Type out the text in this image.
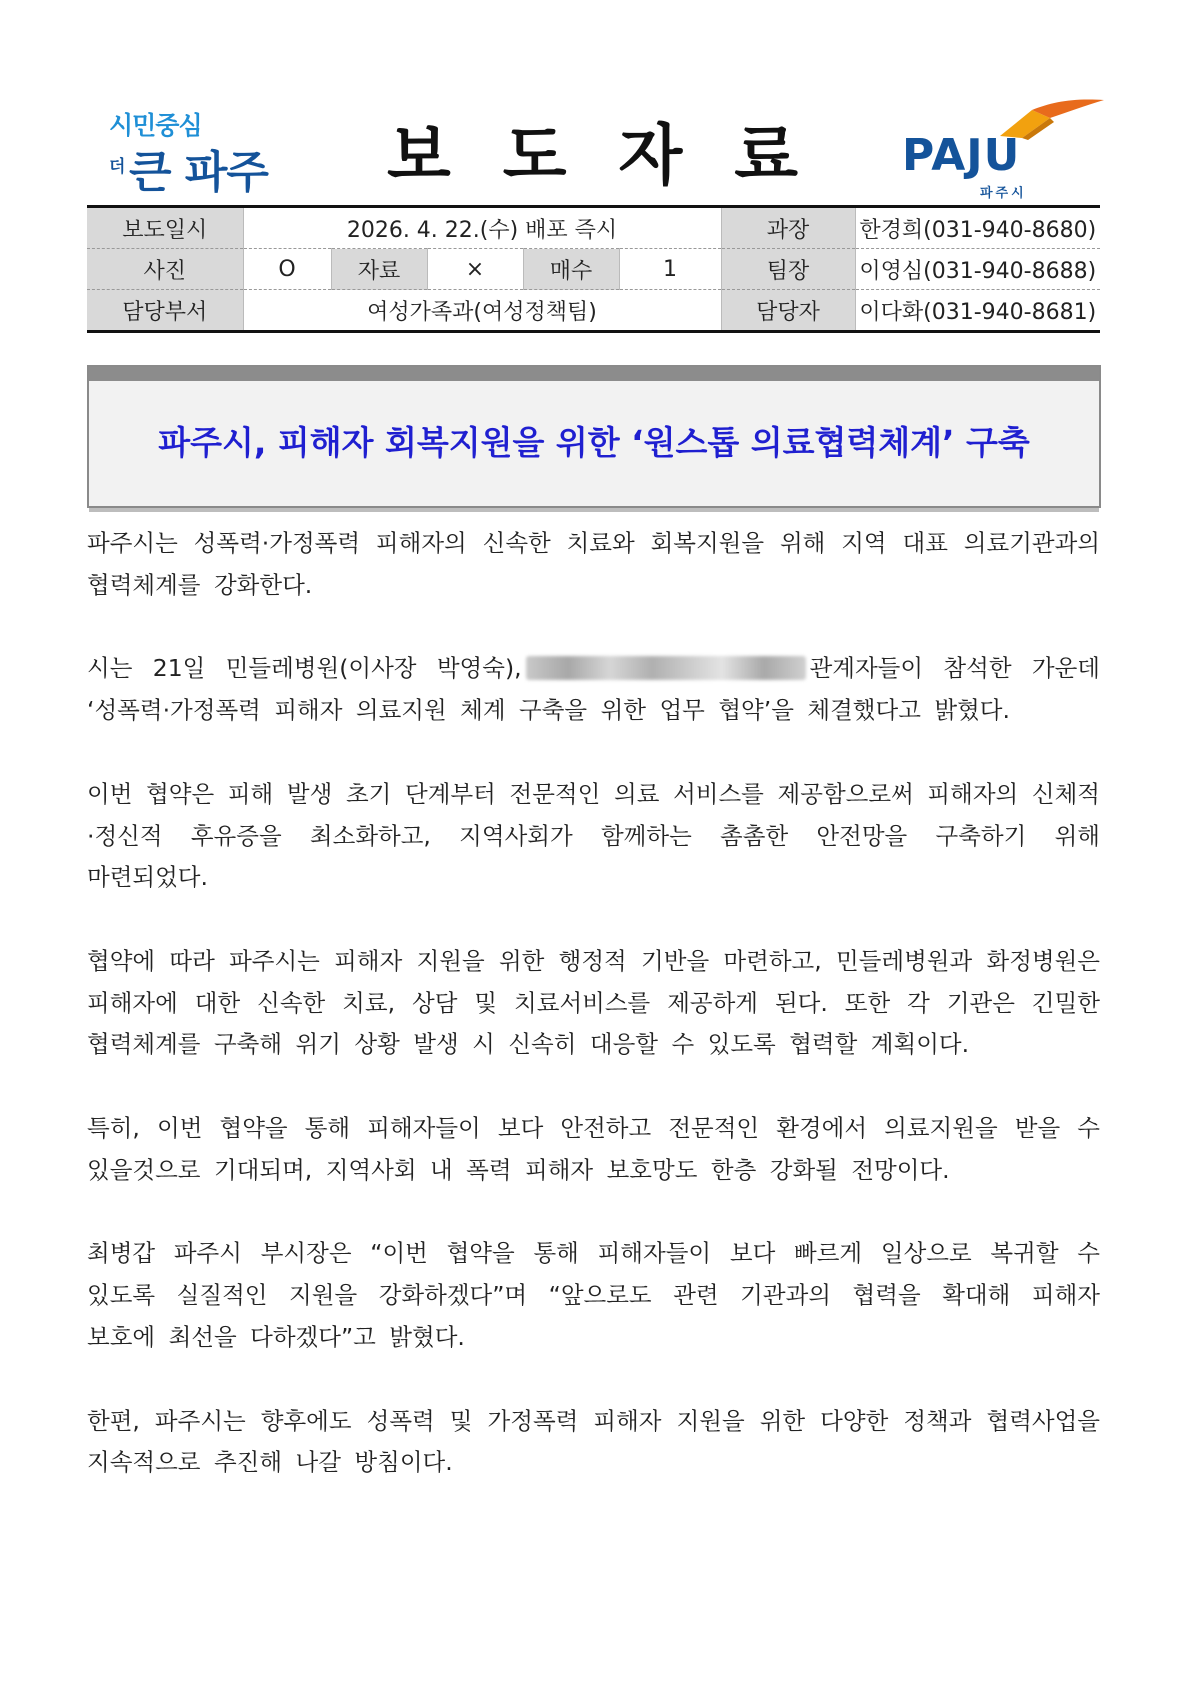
시민중심
더 큰 파주 보도자료 PAJU
파주시
보도일시	2026. 4. 22.(수) 배포 즉시					과장	한경희(031-940-8680)
사진	O	자료	×	매수	1	팀장	이영심(031-940-8688)
담당부서	여성가족과(여성정책팀)					담당자	이다화(031-940-8681)
파주시, 피해자 회복지원을 위한 ‘원스톱 의료협력체계’ 구축

파주시는 성폭력·가정폭력 피해자의 신속한 치료와 회복지원을 위해 지역 대표 의료기관과의 협력체계를 강화한다.

시는 21일 민들레병원(이사장 박영숙),	관계자들이 참석한 가운데 ‘성폭력·가정폭력 피해자 의료지원 체계 구축을 위한 업무 협약’을 체결했다고 밝혔다.

이번 협약은 피해 발생 초기 단계부터 전문적인 의료 서비스를 제공함으로써 피해자의 신체적·정신적 후유증을 최소화하고, 지역사회가 함께하는 촘촘한 안전망을 구축하기 위해 마련되었다.

협약에 따라 파주시는 피해자 지원을 위한 행정적 기반을 마련하고, 민들레병원과 화정병원은 피해자에 대한 신속한 치료, 상담 및 치료서비스를 제공하게 된다. 또한 각 기관은 긴밀한 협력체계를 구축해 위기 상황 발생 시 신속히 대응할 수 있도록 협력할 계획이다.

특히, 이번 협약을 통해 피해자들이 보다 안전하고 전문적인 환경에서 의료지원을 받을 수 있을것으로 기대되며, 지역사회 내 폭력 피해자 보호망도 한층 강화될 전망이다.

최병갑 파주시 부시장은 “이번 협약을 통해 피해자들이 보다 빠르게 일상으로 복귀할 수 있도록 실질적인 지원을 강화하겠다”며 “앞으로도 관련 기관과의 협력을 확대해 피해자 보호에 최선을 다하겠다”고 밝혔다.

한편, 파주시는 향후에도 성폭력 및 가정폭력 피해자 지원을 위한 다양한 정책과 협력사업을 지속적으로 추진해 나갈 방침이다.
